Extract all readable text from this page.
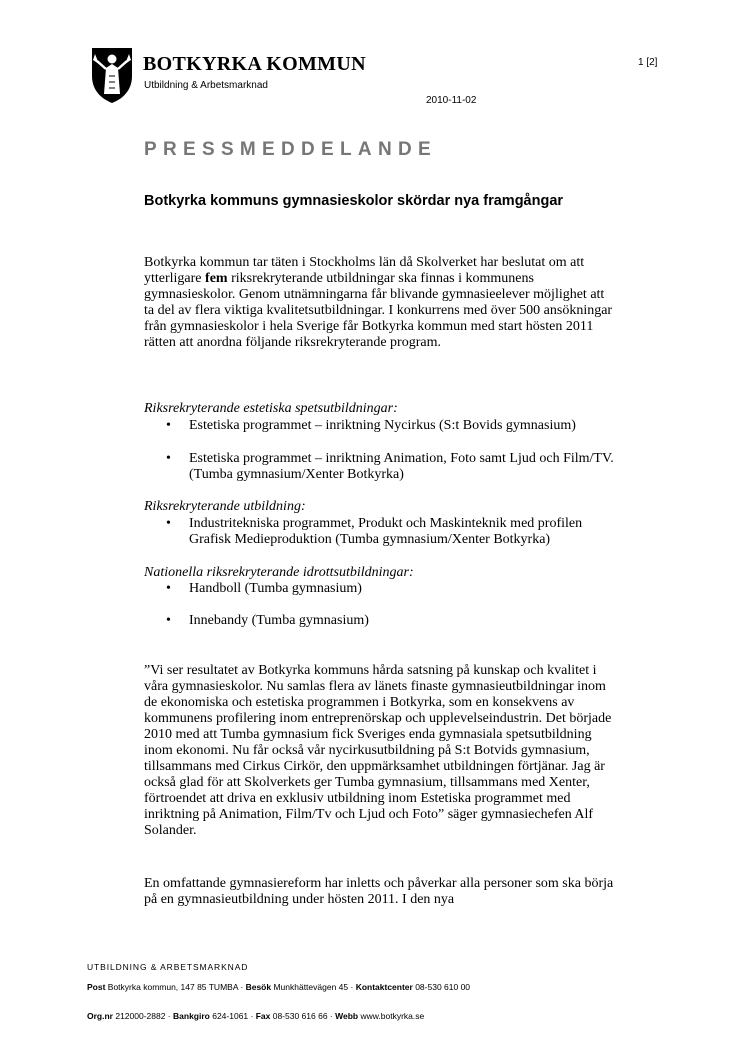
BOTKYRKA KOMMUN
Utbildning & Arbetsmarknad
1 [2]
2010-11-02
PRESSMEDDELANDE
Botkyrka kommuns gymnasieskolor skördar nya framgångar
Botkyrka kommun tar täten i Stockholms län då Skolverket har beslutat om att ytterligare fem riksrekryterande utbildningar ska finnas i kommunens gymnasieskolor. Genom utnämningarna får blivande gymnasieelever möjlighet att ta del av flera viktiga kvalitetsutbildningar. I konkurrens med över 500 ansökningar från gymnasieskolor i hela Sverige får Botkyrka kommun med start hösten 2011 rätten att anordna följande riksrekryterande program.
Riksrekryterande estetiska spetsutbildningar:
• Estetiska programmet – inriktning Nycirkus (S:t Bovids gymnasium)
• Estetiska programmet – inriktning Animation, Foto samt Ljud och Film/TV. (Tumba gymnasium/Xenter Botkyrka)
Riksrekryterande utbildning:
• Industritekniska programmet, Produkt och Maskinteknik med profilen Grafisk Medieproduktion (Tumba gymnasium/Xenter Botkyrka)
Nationella riksrekryterande idrottsutbildningar:
• Handboll (Tumba gymnasium)
• Innebandy (Tumba gymnasium)
”Vi ser resultatet av Botkyrka kommuns hårda satsning på kunskap och kvalitet i våra gymnasieskolor. Nu samlas flera av länets finaste gymnasieutbildningar inom de ekonomiska och estetiska programmen i Botkyrka, som en konsekvens av kommunens profilering inom entreprenörskap och upplevelseindustrin. Det började 2010 med att Tumba gymnasium fick Sveriges enda gymnasiala spetsutbildning inom ekonomi. Nu får också vår nycirkusutbildning på S:t Botvids gymnasium, tillsammans med Cirkus Cirkör, den uppmärksamhet utbildningen förtjänar. Jag är också glad för att Skolverkets ger Tumba gymnasium, tillsammans med Xenter, förtroendet att driva en exklusiv utbildning inom Estetiska programmet med inriktning på Animation, Film/Tv och Ljud och Foto” säger gymnasiechefen Alf Solander.
En omfattande gymnasiereform har inletts och påverkar alla personer som ska börja på en gymnasieutbildning under hösten 2011. I den nya
UTBILDNING & ARBETSMARKNAD
Post Botkyrka kommun, 147 85 TUMBA · Besök Munkhättevägen 45 · Kontaktcenter 08-530 610 00
Org.nr 212000-2882 · Bankgiro 624-1061 · Fax 08-530 616 66 · Webb www.botkyrka.se
